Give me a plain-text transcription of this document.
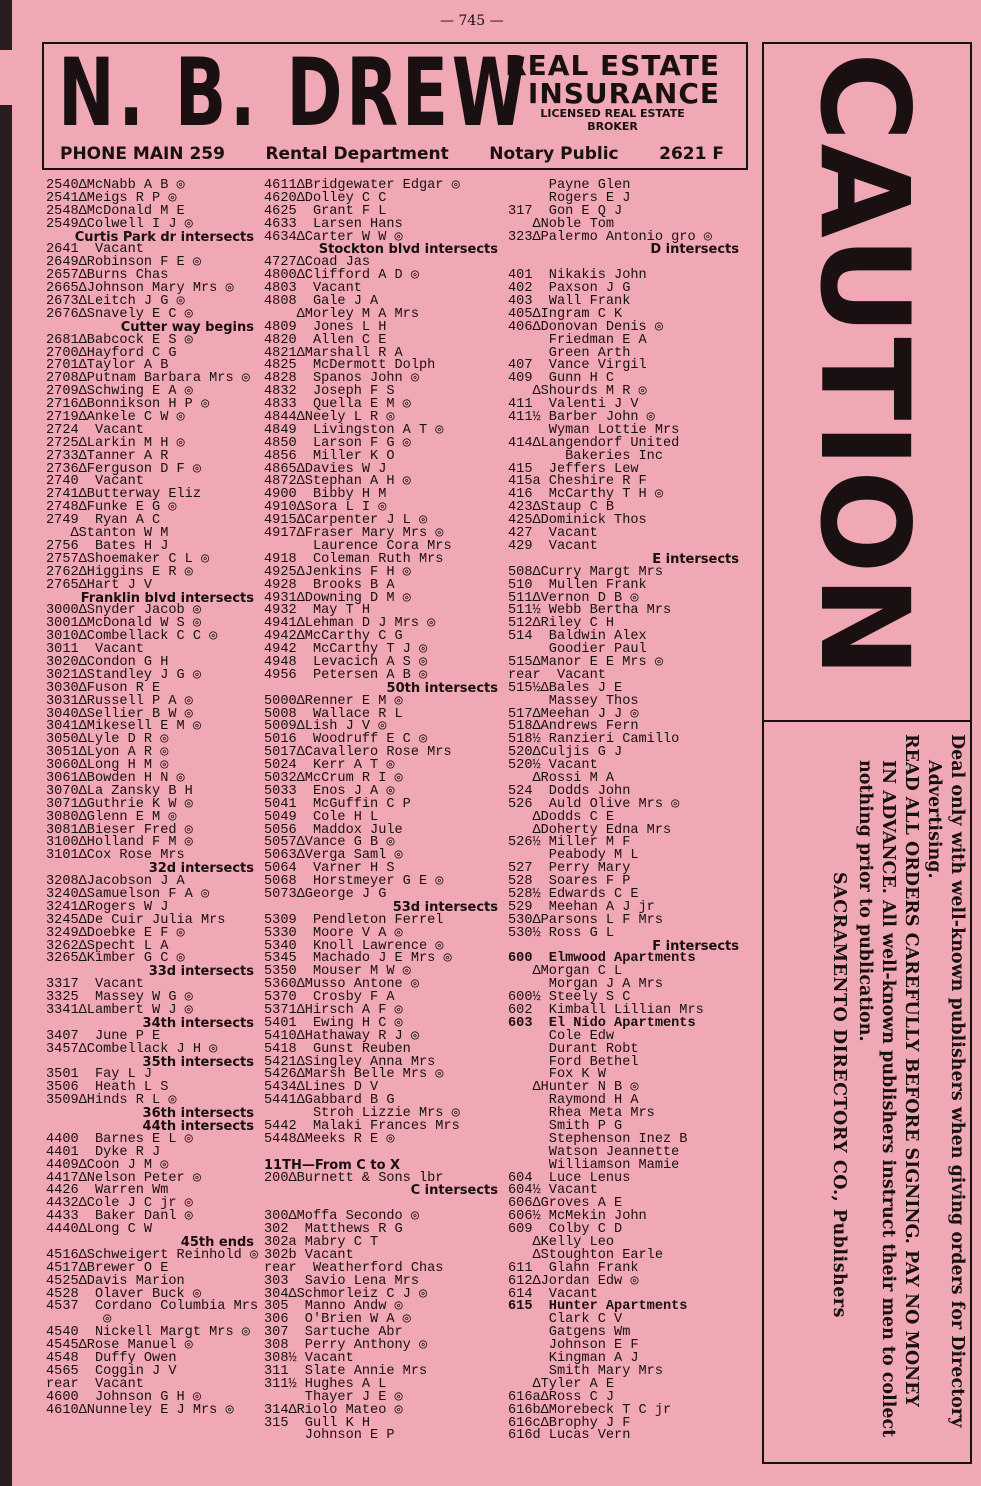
s
s
s
o
— 745 —
N. B. DREW
REAL ESTATE
INSURANCE
LICENSED REAL ESTATE
BROKER
PHONE MAIN 259 Rental Department Notary Public 2621 F CAUTION
Deal only with well-known publishers when giving orders for Directory
Advertising.
READ ALL ORDERS CAREFULLY BEFORE SIGNING. PAY NO MONEY
IN ADVANCE. All well-known publishers instruct their men to collect
nothing prior to publication.
SACRAMENTO DIRECTORY CO., Publishers
2540ΔMcNabb A B ◎
2541ΔMeigs R P ◎
2548ΔMcDonald M E
2549ΔColwell I J ◎
Curtis Park dr intersects
2641  Vacant
2649ΔRobinson F E ◎
2657ΔBurns Chas
2665ΔJohnson Mary Mrs ◎
2673ΔLeitch J G ◎
2676ΔSnavely E C ◎
Cutter way begins
2681ΔBabcock E S ◎
2700ΔHayford C G
2701ΔTaylor A B
2708ΔPutnam Barbara Mrs ◎
2709ΔSchwing E A ◎
2716ΔBonnikson H P ◎
2719ΔAnkele C W ◎
2724  Vacant
2725ΔLarkin M H ◎
2733ΔTanner A R
2736ΔFerguson D F ◎
2740  Vacant
2741ΔButterway Eliz
2748ΔFunke E G ◎
2749  Ryan A C
ΔStanton W M
2756  Bates H J
2757ΔShoemaker C L ◎
2762ΔHiggins E R ◎
2765ΔHart J V
Franklin blvd intersects
3000ΔSnyder Jacob ◎
3001ΔMcDonald W S ◎
3010ΔCombellack C C ◎
3011  Vacant
3020ΔCondon G H
3021ΔStandley J G ◎
3030ΔFuson R E
3031ΔRussell P A ◎
3040ΔSellier B W ◎
3041ΔMikesell E M ◎
3050ΔLyle D R ◎
3051ΔLyon A R ◎
3060ΔLong H M ◎
3061ΔBowden H N ◎
3070ΔLa Zansky B H
3071ΔGuthrie K W ◎
3080ΔGlenn E M ◎
3081ΔBieser Fred ◎
3100ΔHolland F M ◎
3101ΔCox Rose Mrs
32d intersects
3208ΔJacobson J A
3240ΔSamuelson F A ◎
3241ΔRogers W J
3245ΔDe Cuir Julia Mrs
3249ΔDoebke E F ◎
3262ΔSpecht L A
3265ΔKimber G C ◎
33d intersects
3317  Vacant
3325  Massey W G ◎
3341ΔLambert W J ◎
34th intersects
3407  June P E
3457ΔCombellack J H ◎
35th intersects
3501  Fay L J
3506  Heath L S
3509ΔHinds R L ◎
36th intersects
44th intersects
4400  Barnes E L ◎
4401  Dyke R J
4409ΔCoon J M ◎
4417ΔNelson Peter ◎
4426  Warren Wm
4432ΔCole J C jr ◎
4433  Baker Danl ◎
4440ΔLong C W
45th ends
4516ΔSchweigert Reinhold ◎
4517ΔBrewer O E
4525ΔDavis Marion
4528  Olaver Buck ◎
4537  Cordano Columbia Mrs
◎
4540  Nickell Margt Mrs ◎
4545ΔRose Manuel ◎
4548  Duffy Owen
4565  Coggin J V
rear  Vacant
4600  Johnson G H ◎
4610ΔNunneley E J Mrs ◎
4611ΔBridgewater Edgar ◎
4620ΔDolley C C
4625  Grant F L
4633  Larsen Hans
4634ΔCarter W W ◎
Stockton blvd intersects
4727ΔCoad Jas
4800ΔClifford A D ◎
4803  Vacant
4808  Gale J A
ΔMorley M A Mrs
4809  Jones L H
4820  Allen C E
4821ΔMarshall R A
4825  McDermott Dolph
4828  Spanos John ◎
4832  Joseph F S
4833  Quella E M ◎
4844ΔNeely L R ◎
4849  Livingston A T ◎
4850  Larson F G ◎
4856  Miller K O
4865ΔDavies W J
4872ΔStephan A H ◎
4900  Bibby H M
4910ΔSora L I ◎
4915ΔCarpenter J L ◎
4917ΔFraser Mary Mrs ◎
Laurence Cora Mrs
4918  Coleman Ruth Mrs
4925ΔJenkins F H ◎
4928  Brooks B A
4931ΔDowning D M ◎
4932  May T H
4941ΔLehman D J Mrs ◎
4942ΔMcCarthy C G
4942  McCarthy T J ◎
4948  Levacich A S ◎
4956  Petersen A B ◎
50th intersects
5000ΔRenner E M ◎
5008  Wallace R L
5009ΔLish J V ◎
5016  Woodruff E C ◎
5017ΔCavallero Rose Mrs
5024  Kerr A T ◎
5032ΔMcCrum R I ◎
5033  Enos J A ◎
5041  McGuffin C P
5049  Cole H L
5056  Maddox Jule
5057ΔVance G B ◎
5063ΔVerga Saml ◎
5064  Varner H S
5068  Horstmeyer G E ◎
5073ΔGeorge J G
53d intersects
5309  Pendleton Ferrel
5330  Moore V A ◎
5340  Knoll Lawrence ◎
5345  Machado J E Mrs ◎
5350  Mouser M W ◎
5360ΔMusso Antone ◎
5370  Crosby F A
5371ΔHirsch A F ◎
5401  Ewing H C ◎
5410ΔHathaway R J ◎
5418  Gunst Reuben
5421ΔSingley Anna Mrs
5426ΔMarsh Belle Mrs ◎
5434ΔLines D V
5441ΔGabbard B G
Stroh Lizzie Mrs ◎
5442  Malaki Frances Mrs
5448ΔMeeks R E ◎
11TH—From C to X
200ΔBurnett & Sons lbr
C intersects
300ΔMoffa Secondo ◎
302  Matthews R G
302a Mabry C T
302b Vacant
rear  Weatherford Chas
303  Savio Lena Mrs
304ΔSchmorleiz C J ◎
305  Manno Andw ◎
306  O'Brien W A ◎
307  Sartuche Abr
308  Perry Anthony ◎
308½ Vacant
311  Slate Annie Mrs
311½ Hughes A L
Thayer J E ◎
314ΔRiolo Mateo ◎
315  Gull K H
Johnson E P
Payne Glen
Rogers E J
317  Gon E Q J
ΔNoble Tom
323ΔPalermo Antonio gro ◎
D intersects
401  Nikakis John
402  Paxson J G
403  Wall Frank
405ΔIngram C K
406ΔDonovan Denis ◎
Friedman E A
Green Arth
407  Vance Virgil
409  Gunn H C
ΔShourds M R ◎
411  Valenti J V
411½ Barber John ◎
Wyman Lottie Mrs
414ΔLangendorf United
Bakeries Inc
415  Jeffers Lew
415a Cheshire R F
416  McCarthy T H ◎
423ΔStaup C B
425ΔDominick Thos
427  Vacant
429  Vacant
E intersects
508ΔCurry Margt Mrs
510  Mullen Frank
511ΔVernon D B ◎
511½ Webb Bertha Mrs
512ΔRiley C H
514  Baldwin Alex
Goodier Paul
515ΔManor E E Mrs ◎
rear  Vacant
515½ΔBales J E
Massey Thos
517ΔMeehan J J ◎
518ΔAndrews Fern
518½ Ranzieri Camillo
520ΔCuljis G J
520½ Vacant
ΔRossi M A
524  Dodds John
526  Auld Olive Mrs ◎
ΔDodds C E
ΔDoherty Edna Mrs
526½ Miller M F
Peabody M L
527  Perry Mary
528  Soares F P
528½ Edwards C E
529  Meehan A J jr
530ΔParsons L F Mrs
530½ Ross G L
F intersects
600  Elmwood Apartments
ΔMorgan C L
Morgan J A Mrs
600½ Steely S C
602  Kimball Lillian Mrs
603  El Nido Apartments
Cole Edw
Durant Robt
Ford Bethel
Fox K W
ΔHunter N B ◎
Raymond H A
Rhea Meta Mrs
Smith P G
Stephenson Inez B
Watson Jeannette
Williamson Mamie
604  Luce Lenus
604½ Vacant
606ΔGroves A E
606½ McMekin John
609  Colby C D
ΔKelly Leo
ΔStoughton Earle
611  Glahn Frank
612ΔJordan Edw ◎
614  Vacant
615  Hunter Apartments
Clark C V
Gatgens Wm
Johnson E F
Kingman A J
Smith Mary Mrs
ΔTyler A E
616aΔRoss C J
616bΔMorebeck T C jr
616cΔBrophy J F
616d Lucas Vern
